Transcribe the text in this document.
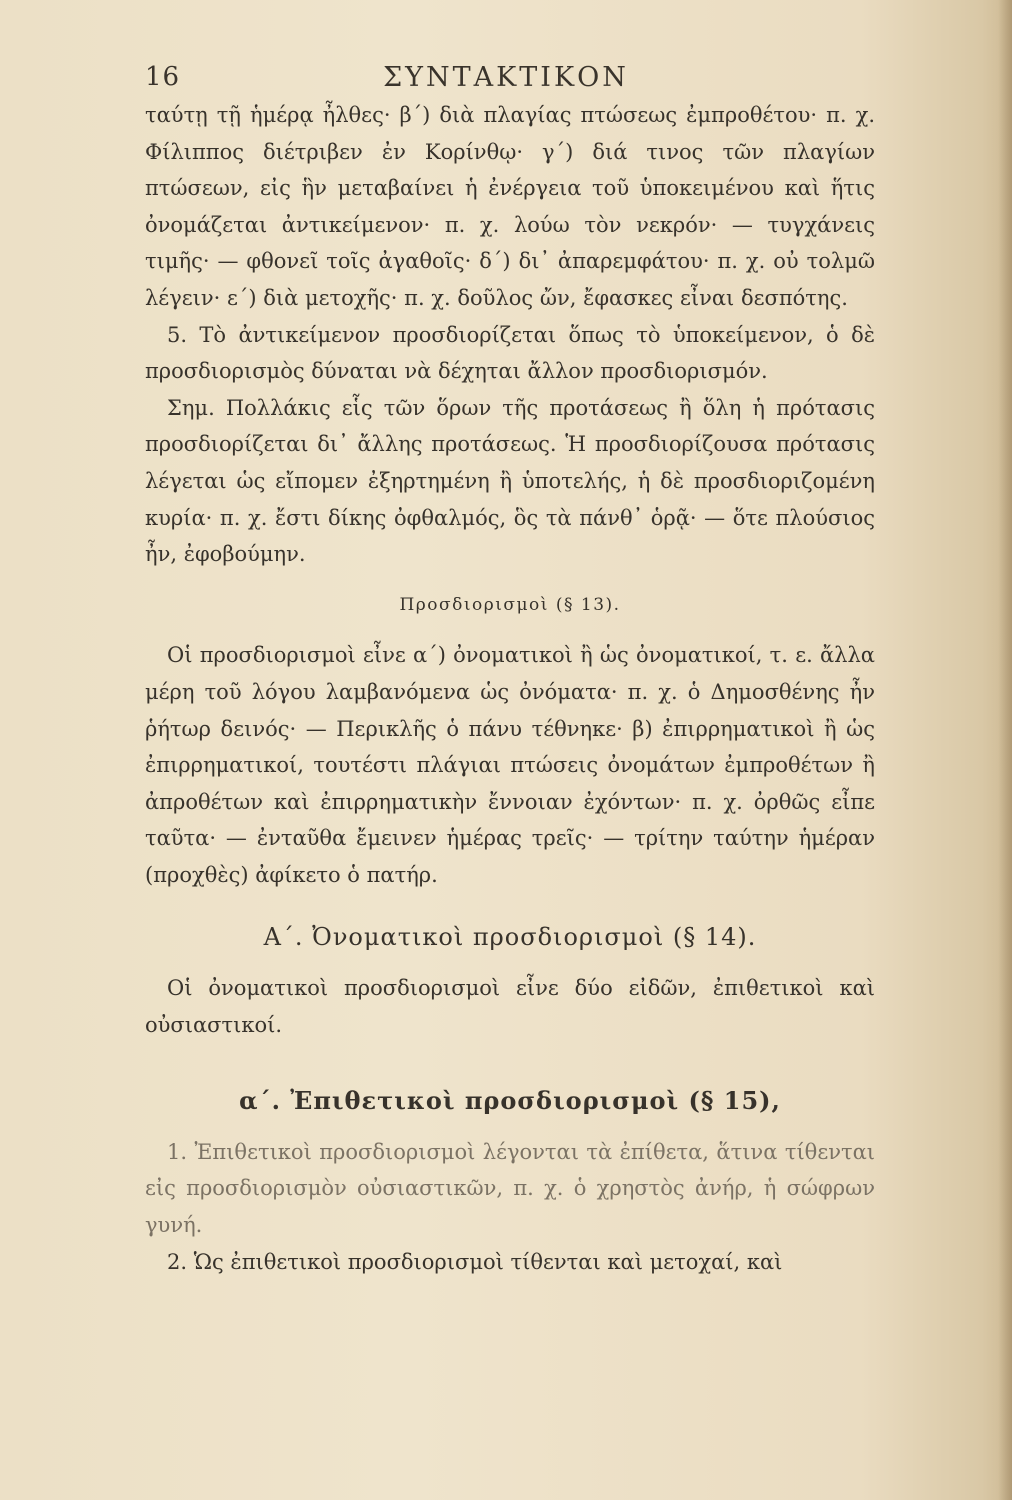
16	ΣΥΝΤΑΚΤΙΚΟΝ

ταύτῃ τῇ ἡμέρᾳ ἦλθες· β΄) διὰ πλαγίας πτώσεως ἐμπροθέτου· π. χ. Φίλιππος διέτριβεν ἐν Κορίνθῳ· γ΄) διά τινος τῶν πλαγίων πτώσεων, εἰς ἣν μεταβαίνει ἡ ἐνέργεια τοῦ ὑποκειμένου καὶ ἥτις ὀνομάζεται ἀντικείμενον· π. χ. λούω τὸν νεκρόν· — τυγχάνεις τιμῆς· — φθονεῖ τοῖς ἀγαθοῖς· δ΄) δι᾽ ἀπαρεμφάτου· π. χ. οὐ τολμῶ λέγειν· ε΄) διὰ μετοχῆς· π. χ. δοῦλος ὤν, ἔφασκες εἶναι δεσπότης.

5. Τὸ ἀντικείμενον προσδιορίζεται ὅπως τὸ ὑποκείμενον, ὁ δὲ προσδιορισμὸς δύναται νὰ δέχηται ἄλλον προσδιορισμόν.

Σημ. Πολλάκις εἷς τῶν ὅρων τῆς προτάσεως ἢ ὅλη ἡ πρότασις προσδιορίζεται δι᾽ ἄλλης προτάσεως. Ἡ προσδιορίζουσα πρότασις λέγεται ὡς εἴπομεν ἐξηρτημένη ἢ ὑποτελής, ἡ δὲ προσδιοριζομένη κυρία· π. χ. ἔστι δίκης ὀφθαλμός, ὃς τὰ πάνθ᾽ ὁρᾷ· — ὅτε πλούσιος ἦν, ἐφοβούμην.

Προσδιορισμοὶ (§ 13).

Οἱ προσδιορισμοὶ εἶνε α΄) ὀνοματικοὶ ἢ ὡς ὀνοματικοί, τ. ε. ἄλλα μέρη τοῦ λόγου λαμβανόμενα ὡς ὀνόματα· π. χ. ὁ Δημοσθένης ἦν ῥήτωρ δεινός· — Περικλῆς ὁ πάνυ τέθνηκε· β) ἐπιρρηματικοὶ ἢ ὡς ἐπιρρηματικοί, τουτέστι πλάγιαι πτώσεις ὀνομάτων ἐμπροθέτων ἢ ἀπροθέτων καὶ ἐπιρρηματικὴν ἔννοιαν ἐχόντων· π. χ. ὀρθῶς εἶπε ταῦτα· — ἐνταῦθα ἔμεινεν ἡμέρας τρεῖς· — τρίτην ταύτην ἡμέραν (προχθὲς) ἀφίκετο ὁ πατήρ.

Α΄. Ὀνοματικοὶ προσδιορισμοὶ (§ 14).

Οἱ ὀνοματικοὶ προσδιορισμοὶ εἶνε δύο εἰδῶν, ἐπιθετικοὶ καὶ οὐσιαστικοί.

α΄. Ἐπιθετικοὶ προσδιορισμοὶ (§ 15),

1. Ἐπιθετικοὶ προσδιορισμοὶ λέγονται τὰ ἐπίθετα, ἅτινα τίθενται εἰς προσδιορισμὸν οὐσιαστικῶν, π. χ. ὁ χρηστὸς ἀνήρ, ἡ σώφρων γυνή.

2. Ὡς ἐπιθετικοὶ προσδιορισμοὶ τίθενται καὶ μετοχαί, καὶ
